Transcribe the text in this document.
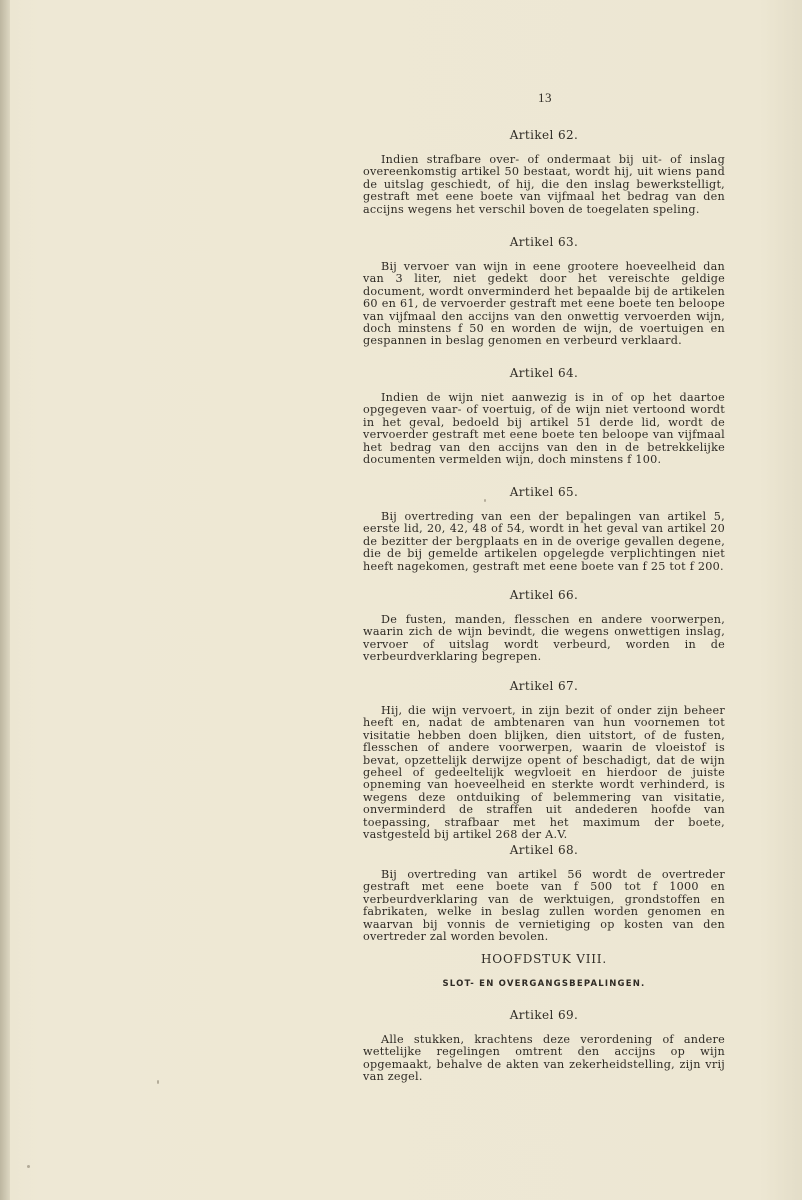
13
Artikel 62.

Indien strafbare over- of ondermaat bij uit- of inslag overeenkomstig artikel 50 bestaat, wordt hij, uit wiens pand de uitslag geschiedt, of hij, die den inslag bewerkstelligt, gestraft met eene boete van vijfmaal het bedrag van den accijns wegens het verschil boven de toegelaten speling.

Artikel 63.

Bij vervoer van wijn in eene grootere hoeveelheid dan van 3 liter, niet gedekt door het vereischte geldige document, wordt onverminderd het bepaalde bij de artikelen 60 en 61, de vervoerder gestraft met eene boete ten beloope van vijfmaal den accijns van den onwettig vervoerden wijn, doch minstens f 50 en worden de wijn, de voertuigen en gespannen in beslag genomen en verbeurd verklaard.

Artikel 64.

Indien de wijn niet aanwezig is in of op het daartoe opgegeven vaar- of voertuig, of de wijn niet vertoond wordt in het geval, bedoeld bij artikel 51 derde lid, wordt de vervoerder gestraft met eene boete ten beloope van vijfmaal het bedrag van den accijns van den in de betrekkelijke documenten vermelden wijn, doch minstens f 100.

Artikel 65.

Bij overtreding van een der bepalingen van artikel 5, eerste lid, 20, 42, 48 of 54, wordt in het geval van artikel 20 de bezitter der bergplaats en in de overige gevallen degene, die de bij gemelde artikelen opgelegde verplichtingen niet heeft nagekomen, gestraft met eene boete van f 25 tot f 200.

Artikel 66.

De fusten, manden, flesschen en andere voorwerpen, waarin zich de wijn bevindt, die wegens onwettigen inslag, vervoer of uitslag wordt verbeurd, worden in de verbeurdverklaring begrepen.

Artikel 67.

Hij, die wijn vervoert, in zijn bezit of onder zijn beheer heeft en, nadat de ambtenaren van hun voornemen tot visitatie hebben doen blijken, dien uitstort, of de fusten, flesschen of andere voorwerpen, waarin de vloeistof is bevat, opzettelijk derwijze opent of beschadigt, dat de wijn geheel of gedeeltelijk wegvloeit en hierdoor de juiste opneming van hoeveelheid en sterkte wordt verhinderd, is wegens deze ontduiking of belemmering van visitatie, onverminderd de straffen uit andederen hoofde van toepassing, strafbaar met het maximum der boete, vastgesteld bij artikel 268 der A.V.

Artikel 68.

Bij overtreding van artikel 56 wordt de overtreder gestraft met eene boete van f 500 tot f 1000 en verbeurdverklaring van de werktuigen, grondstoffen en fabrikaten, welke in beslag zullen worden genomen en waarvan bij vonnis de vernietiging op kosten van den overtreder zal worden bevolen.

HOOFDSTUK VIII.
SLOT- EN OVERGANGSBEPALINGEN.
Artikel 69.

Alle stukken, krachtens deze verordening of andere wettelijke regelingen omtrent den accijns op wijn opgemaakt, behalve de akten van zekerheidstelling, zijn vrij van zegel.
